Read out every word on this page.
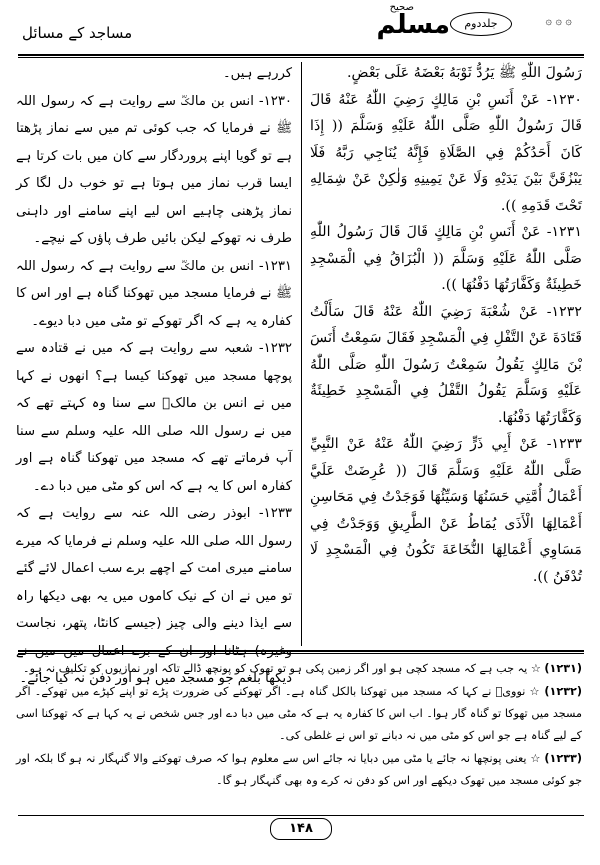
مساجد کے مسائل	مسلم	جلددوم	۞ ۞ ۞
صحیح

رَسُولَ اللّٰهِ ﷺ يَرُدُّ ثَوْبَهُ بَعْضَهُ عَلَى بَعْضٍ.

١٢٣٠- عَنْ أَنَسِ بْنِ مَالِكٍ رَضِيَ اللّٰهُ عَنْهُ قَالَ قَالَ رَسُولُ اللّٰهِ صَلَّى اللّٰهُ عَلَيْهِ وَسَلَّمَ (( إِذَا كَانَ أَحَدُكُمْ فِي الصَّلَاةِ فَإِنَّهُ يُنَاجِي رَبَّهُ فَلَا يَبْزُقَنَّ بَيْنَ يَدَيْهِ وَلَا عَنْ يَمِينِهِ وَلٰكِنْ عَنْ شِمَالِهِ تَحْتَ قَدَمِهِ )).

١٢٣١- عَنْ أَنَسِ بْنِ مَالِكٍ قَالَ قَالَ رَسُولُ اللّٰهِ صَلَّى اللّٰهُ عَلَيْهِ وَسَلَّمَ (( الْبُزَاقُ فِي الْمَسْجِدِ خَطِيئَةٌ وَكَفَّارَتُهَا دَفْنُهَا )).

١٢٣٢- عَنْ شُعْبَةَ رَضِيَ اللّٰهُ عَنْهُ قَالَ سَأَلْتُ قَتَادَةَ عَنْ التَّفْلِ فِي الْمَسْجِدِ فَقَالَ سَمِعْتُ أَنَسَ بْنَ مَالِكٍ يَقُولُ سَمِعْتُ رَسُولَ اللّٰهِ صَلَّى اللّٰهُ عَلَيْهِ وَسَلَّمَ يَقُولُ التَّفْلُ فِي الْمَسْجِدِ خَطِيئَةٌ وَكَفَّارَتُهَا دَفْنُهَا.

١٢٣٣- عَنْ أَبِي ذَرٍّ رَضِيَ اللّٰهُ عَنْهُ عَنْ النَّبِيِّ صَلَّى اللّٰهُ عَلَيْهِ وَسَلَّمَ قَالَ (( عُرِضَتْ عَلَيَّ أَعْمَالُ أُمَّتِي حَسَنُهَا وَسَيِّئُهَا فَوَجَدْتُ فِي مَحَاسِنِ أَعْمَالِهَا الْأَذَى يُمَاطُ عَنْ الطَّرِيقِ وَوَجَدْتُ فِي مَسَاوِي أَعْمَالِهَا النُّخَاعَةَ تَكُونُ فِي الْمَسْجِدِ لَا تُدْفَنُ )).

کررہے ہیں۔

۱۲۳۰- انس بن مالکؓ سے روایت ہے کہ رسول اللہ ﷺ نے فرمایا کہ جب کوئی تم میں سے نماز پڑھتا ہے تو گویا اپنے پروردگار سے کان میں بات کرتا ہے ایسا قرب نماز میں ہوتا ہے تو خوب دل لگا کر نماز پڑھنی چاہیے اس لیے اپنے سامنے اور داہنی طرف نہ تھوکے لیکن بائیں طرف پاؤں کے نیچے۔

۱۲۳۱- انس بن مالکؓ سے روایت ہے کہ رسول اللہ ﷺ نے فرمایا مسجد میں تھوکنا گناہ ہے اور اس کا کفارہ یہ ہے کہ اگر تھوکے تو مٹی میں دبا دیوے۔

۱۲۳۲- شعبہ سے روایت ہے کہ میں نے قتادہ سے پوچھا مسجد میں تھوکنا کیسا ہے؟ انھوں نے کہا میں نے انس بن مالکؓ سے سنا وہ کہتے تھے کہ میں نے رسول اللہ صلی اللہ علیہ وسلم سے سنا آپ فرماتے تھے کہ مسجد میں تھوکنا گناہ ہے اور کفارہ اس کا یہ ہے کہ اس کو مٹی میں دبا دے۔

۱۲۳۳- ابوذر رضی اللہ عنہ سے روایت ہے کہ رسول اللہ صلی اللہ علیہ وسلم نے فرمایا کہ میرے سامنے میری امت کے اچھے برے سب اعمال لائے گئے تو میں نے ان کے نیک کاموں میں یہ بھی دیکھا راہ سے ایذا دینے والی چیز (جیسے کانٹا، پتھر، نجاست وغیرہ) ہٹانا اور ان کے برے اعمال میں میں نے دیکھا بلغم جو مسجد میں ہو اور دفن نہ کیا جائے۔

(۱۲۳۱) ☆ یہ جب ہے کہ مسجد کچی ہو اور اگر زمین پکی ہو تو تھوک کو پونچھ ڈالے تاکہ اور نمازیوں کو تکلیف نہ ہو۔

(۱۲۳۲) ☆ نوویؒ نے کہا کہ مسجد میں تھوکنا بالکل گناہ ہے۔ اگر تھوکنے کی ضرورت پڑے تو اپنے کپڑے میں تھوکے۔ اگر مسجد میں تھوکا تو گناہ گار ہوا۔ اب اس کا کفارہ یہ ہے کہ مٹی میں دبا دے اور جس شخص نے یہ کہا ہے کہ تھوکنا اسی کے لیے گناہ ہے جو اس کو مٹی میں نہ دبانے تو اس نے غلطی کی۔

(۱۲۳۳) ☆ یعنی پونچھا نہ جائے یا مٹی میں دبایا نہ جائے اس سے معلوم ہوا کہ صرف تھوکنے والا گنہگار نہ ہو گا بلکہ اور جو کوئی مسجد میں تھوک دیکھے اور اس کو دفن نہ کرے وہ بھی گنہگار ہو گا۔

۱۴۸
